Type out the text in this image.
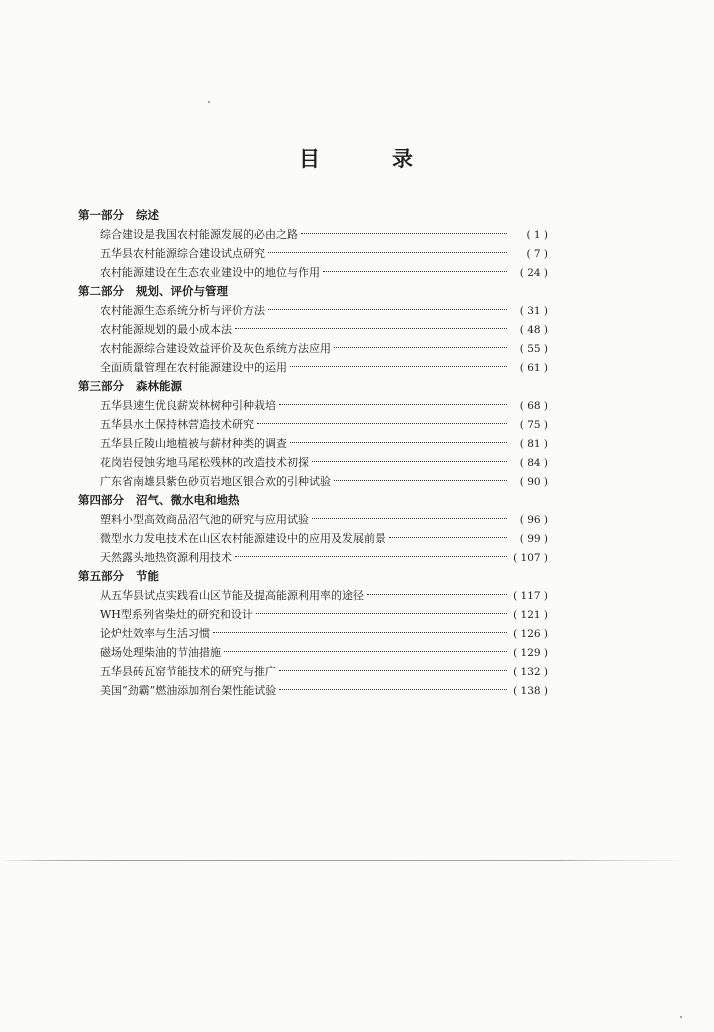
目	录
第一部分 综述
综合建设是我国农村能源发展的必由之路	( 1 )
五华县农村能源综合建设试点研究	( 7 )
农村能源建设在生态农业建设中的地位与作用	( 24 )
第二部分 规划、评价与管理
农村能源生态系统分析与评价方法	( 31 )
农村能源规划的最小成本法	( 48 )
农村能源综合建设效益评价及灰色系统方法应用	( 55 )
全面质量管理在农村能源建设中的运用	( 61 )
第三部分 森林能源
五华县速生优良薪炭林树种引种栽培	( 68 )
五华县水土保持林营造技术研究	( 75 )
五华县丘陵山地植被与薪材种类的调查	( 81 )
花岗岩侵蚀劣地马尾松残林的改造技术初探	( 84 )
广东省南雄县紫色砂页岩地区银合欢的引种试验	( 90 )
第四部分 沼气、微水电和地热
塑料小型高效商品沼气池的研究与应用试验	( 96 )
微型水力发电技术在山区农村能源建设中的应用及发展前景	( 99 )
天然露头地热资源利用技术	( 107 )
第五部分 节能
从五华县试点实践看山区节能及提高能源利用率的途径	( 117 )
WH型系列省柴灶的研究和设计	( 121 )
论炉灶效率与生活习惯	( 126 )
磁场处理柴油的节油措施	( 129 )
五华县砖瓦窑节能技术的研究与推广	( 132 )
美国“劲霸”燃油添加剂台架性能试验	( 138 )
